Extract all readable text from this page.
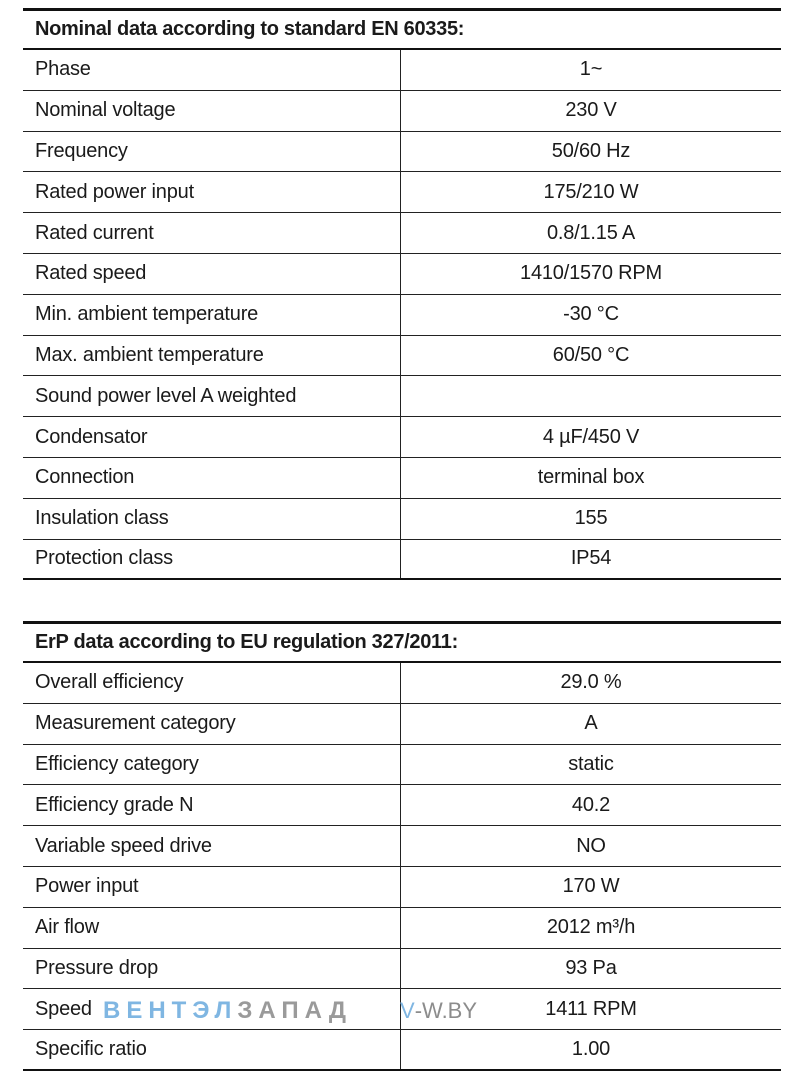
Nominal data according to standard EN 60335:
Phase	1~
Nominal voltage	230 V
Frequency	50/60 Hz
Rated power input	175/210 W
Rated current	0.8/1.15 A
Rated speed	1410/1570 RPM
Min. ambient temperature	-30 °C
Max. ambient temperature	60/50 °C
Sound power level A weighted
Condensator	4 µF/450 V
Connection	terminal box
Insulation class	155
Protection class	IP54
ErP data according to EU regulation 327/2011:
Overall efficiency	29.0 %
Measurement category	A
Efficiency category	static
Efficiency grade N	40.2
Variable speed drive	NO
Power input	170 W
Air flow	2012 m³/h
Pressure drop	93 Pa
Speed	1411 RPM
Specific ratio	1.00
ВЕНТЭЛ ЗАПАД V -W.BY
